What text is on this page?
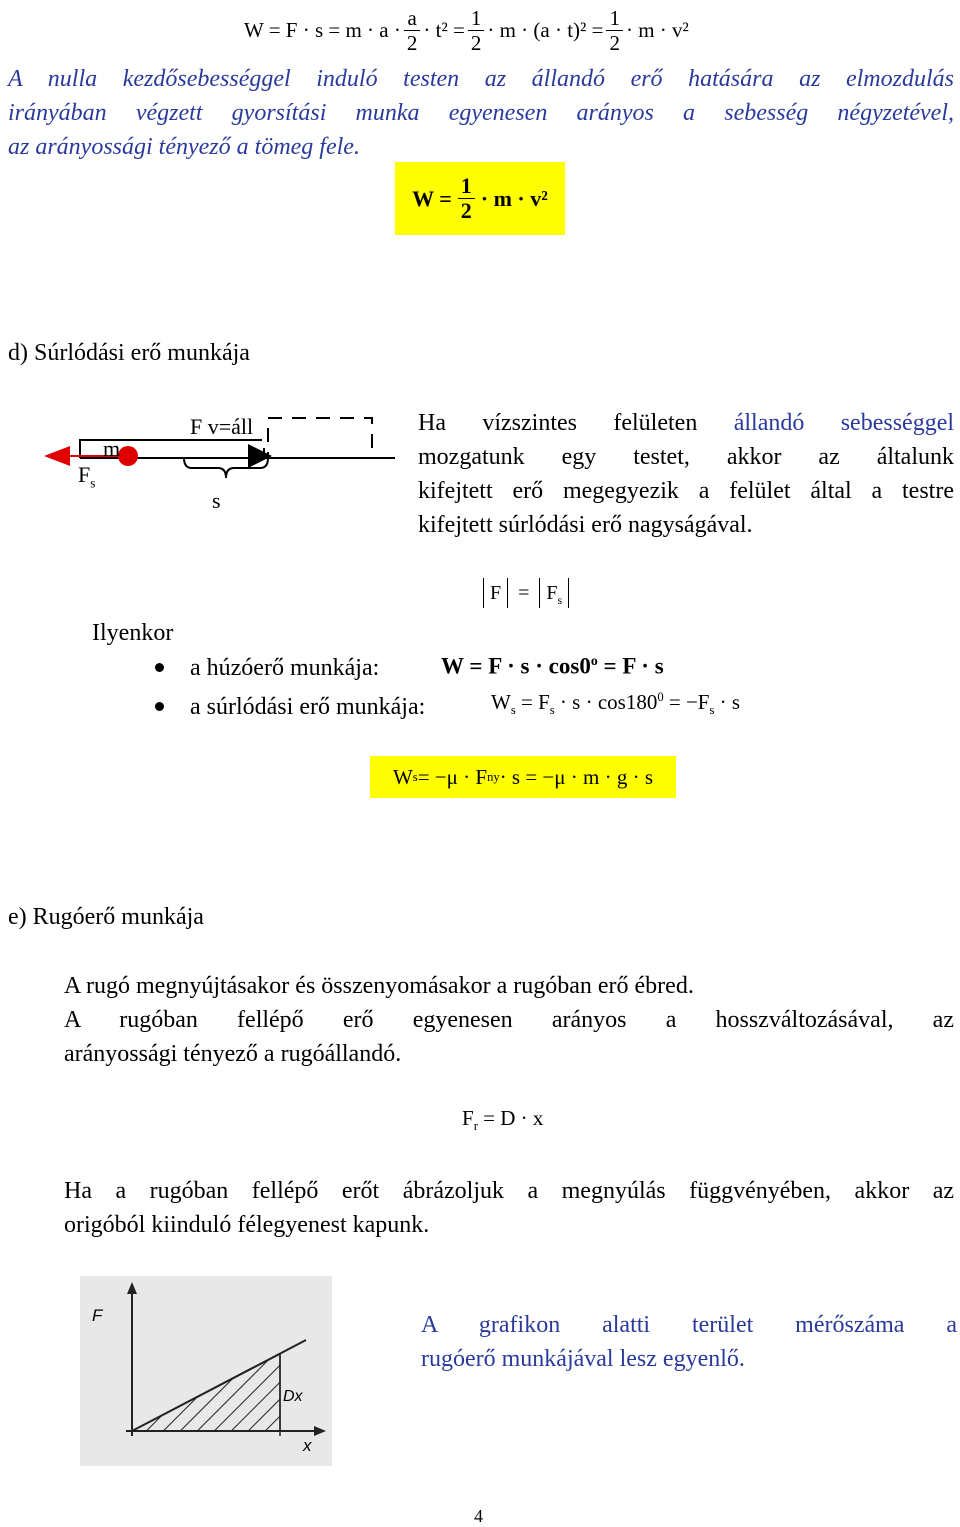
$W = F \cdot s = m \cdot a \cdot \frac{a}{2} \cdot t^2 = \frac{1}{2} \cdot m \cdot (a \cdot t)^2 = \frac{1}{2} \cdot m \cdot v^2$
A nulla kezdősebességgel induló testen az állandó erő hatására az elmozdulás
irányában végzett gyorsítási munka egyenesen arányos a sebesség négyzetével,
az arányossági tényező a tömeg fele.
$W = \frac{1}{2} \cdot m \cdot v^2$
d) Súrlódási erő munkája
m
$F_s$
F v=áll
s
Ha vízszintes felületen állandó sebességgel
mozgatunk egy testet, akkor az általunk
kifejtett erő megegyezik a felület által a testre
kifejtett súrlódási erő nagyságával.
$F = F_s$
Ilyenkor
a húzóerő munkája:	$W = F \cdot s \cdot \cos 0^o = F \cdot s$
a súrlódási erő munkája:	$W_s = F_s \cdot s \cdot \cos 180^0 = -F_s \cdot s$
W s = −μ · F ny · s = −μ · m · g · s
e) Rugóerő munkája
A rugó megnyújtásakor és összenyomásakor a rugóban erő ébred.
A rugóban fellépő erő egyenesen arányos a hosszváltozásával, az
arányossági tényező a rugóállandó.
$F_r = D \cdot x$
Ha a rugóban fellépő erőt ábrázoljuk a megnyúlás függvényében, akkor az
origóból kiinduló félegyenest kapunk.
F
Dx
x
A grafikon alatti terület mérőszáma a
rugóerő munkájával lesz egyenlő.
4
